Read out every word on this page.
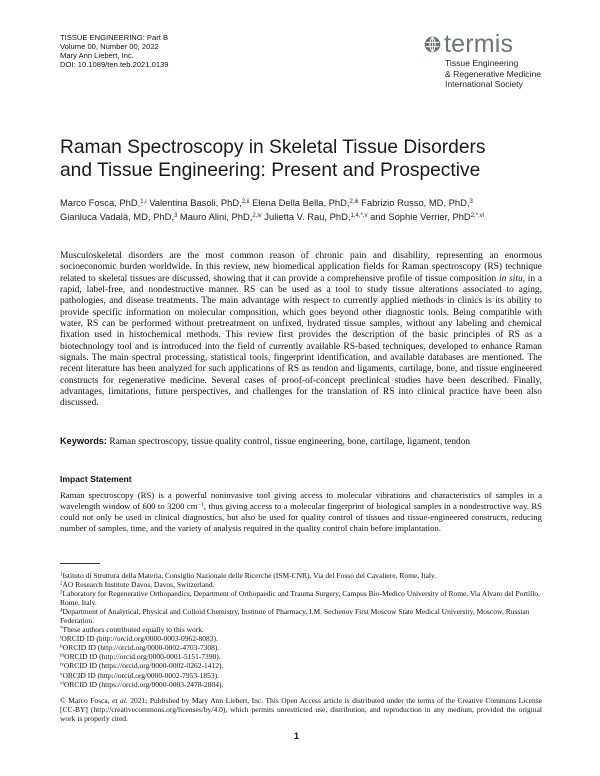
TISSUE ENGINEERING: Part B
Volume 00, Number 00, 2022
Mary Ann Liebert, Inc.
DOI: 10.1089/ten.teb.2021.0139
termis
Tissue Engineering
& Regenerative Medicine
International Society
Raman Spectroscopy in Skeletal Tissue Disorders
and Tissue Engineering: Present and Prospective
Marco Fosca, PhD,$^{1,i}$ Valentina Basoli, PhD,$^{2,ii}$ Elena Della Bella, PhD,$^{2,iii}$ Fabrizio Russo, MD, PhD,$^3$
Gianluca Vadalà, MD, PhD,$^3$ Mauro Alini, PhD,$^{2,iv}$ Julietta V. Rau, PhD,$^{1,4,*,v}$ and Sophie Verrier, PhD$^{2,*,vi}$

Musculoskeletal disorders are the most common reason of chronic pain and disability, representing an enormous socioeconomic burden worldwide. In this review, new biomedical application fields for Raman spectroscopy (RS) technique related to skeletal tissues are discussed, showing that it can provide a comprehensive profile of tissue composition in situ, in a rapid, label-free, and nondestructive manner. RS can be used as a tool to study tissue alterations associated to aging, pathologies, and disease treatments. The main advantage with respect to currently applied methods in clinics is its ability to provide specific information on molecular composition, which goes beyond other diagnostic tools. Being compatible with water, RS can be performed without pretreatment on unfixed, hydrated tissue samples, without any labeling and chemical fixation used in histochemical methods. This review first provides the description of the basic principles of RS as a biotechnology tool and is introduced into the field of currently available RS-based techniques, developed to enhance Raman signals. The main spectral processing, statistical tools, fingerprint identification, and available databases are mentioned. The recent literature has been analyzed for such applications of RS as tendon and ligaments, cartilage, bone, and tissue engineered constructs for regenerative medicine. Several cases of proof-of-concept preclinical studies have been described. Finally, advantages, limitations, future perspectives, and challenges for the translation of RS into clinical practice have been also discussed.

Keywords: Raman spectroscopy, tissue quality control, tissue engineering, bone, cartilage, ligament, tendon
Impact Statement
Raman spectroscopy (RS) is a powerful noninvasive tool giving access to molecular vibrations and characteristics of samples in a wavelength window of 600 to 3200 $cm^{-1}$, thus giving access to a molecular fingerprint of biological samples in a nondestructive way. RS could not only be used in clinical diagnostics, but also be used for quality control of tissues and tissue-engineered constructs, reducing number of samples, time, and the variety of analysis required in the quality control chain before implantation.

$^1$Istituto di Struttura della Materia, Consiglio Nazionale delle Ricerche (ISM-CNR), Via del Fosso del Cavaliere, Rome, Italy.

$^2$AO Research Institute Davos, Davos, Switzerland.

$^3$Laboratory for Regenerative Orthopaedics, Department of Orthopaedic and Trauma Surgery, Campus Bio-Medico University of Rome, Via Alvaro del Portillo, Rome, Italy.

$^4$Department of Analytical, Physical and Colloid Chemistry, Institute of Pharmacy, I.M. Sechenov First Moscow State Medical University, Moscow, Russian Federation.

*These authors contributed equally to this work.

$^i$ORCID ID (http://orcid.org/0000-0003-0962-8083).

$^{ii}$ORCID ID (http://orcid.org/0000-0002-4703-7308).

$^{iii}$ORCID ID (http://orcid.org/0000-0001-5151-7390).

$^{iv}$ORCID ID (https://orcid.org/0000-0002-0262-1412).

$^v$ORCID ID (http://orcid.org/0000-0002-7953-1853).

$^{vi}$ORCID ID (https://orcid.org/0000-0003-2478-2804).

© Marco Fosca, et al. 2021; Published by Mary Ann Liebert, Inc. This Open Access article is distributed under the terms of the Creative Commons License [CC-BY] (http://creativecommons.org/licenses/by/4.0), which permits unrestricted use, distribution, and reproduction in any medium, provided the original work is properly cited.

1
